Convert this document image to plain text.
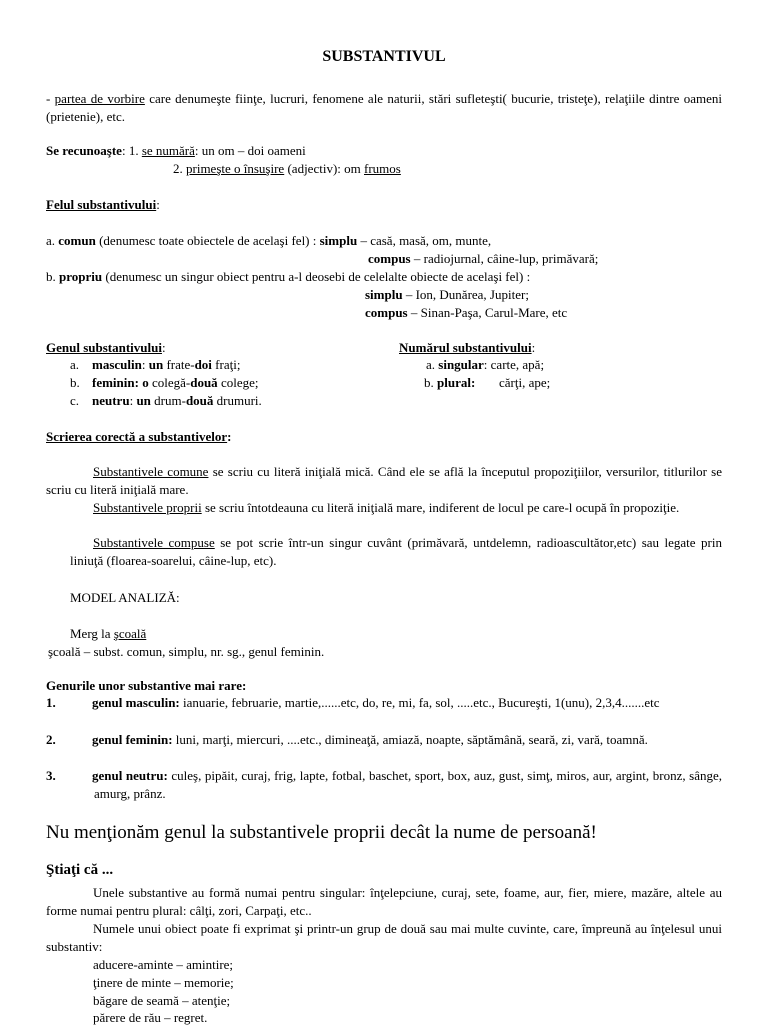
SUBSTANTIVUL
- partea de vorbire care denumeşte fiinţe, lucruri, fenomene ale naturii, stări sufleteşti( bucurie, tristeţe), relaţiile dintre oameni (prietenie), etc.
Se recunoaşte: 1. se numără: un om – doi oameni
2. primeşte o însuşire (adjectiv): om frumos
Felul substantivului:
a. comun (denumesc toate obiectele de acelaşi fel) : simplu – casă, masă, om, munte,
compus – radiojurnal, câine-lup, primăvară;
b. propriu (denumesc un singur obiect pentru a-l deosebi de celelalte obiecte de acelaşi fel) :
simplu – Ion, Dunărea, Jupiter;
compus – Sinan-Paşa, Carul-Mare, etc
Genul substantivului:
a. masculin: un frate-doi fraţi;
b. feminin: o colegă-două colege;
c. neutru: un drum-două drumuri.
Numărul substantivului:
a. singular: carte, apă;
b. plural: cărţi, ape;
Scrierea corectă a substantivelor:
Substantivele comune se scriu cu literă iniţială mică. Când ele se află la începutul propoziţiilor, versurilor, titlurilor se scriu cu literă iniţială mare.
Substantivele proprii se scriu întotdeauna cu literă iniţială mare, indiferent de locul pe care-l ocupă în propoziţie.
Substantivele compuse se pot scrie într-un singur cuvânt (primăvară, untdelemn, radioascultător,etc) sau legate prin liniuţă (floarea-soarelui, câine-lup, etc).
MODEL ANALIZĂ:
Merg la şcoală
şcoală – subst. comun, simplu, nr. sg., genul feminin.
Genurile unor substantive mai rare:
1.	genul masculin: ianuarie, februarie, martie,......etc, do, re, mi, fa, sol, .....etc., Bucureşti, 1(unu), 2,3,4.......etc
2.	genul feminin: luni, marţi, miercuri, ....etc., dimineaţă, amiază, noapte, săptămână, seară, zi, vară, toamnă.
3.	genul neutru: culeş, pipăit, curaj, frig, lapte, fotbal, baschet, sport, box, auz, gust, simţ, miros, aur, argint, bronz, sânge, amurg, prânz.
Nu menţionăm genul la substantivele proprii decât la nume de persoană!
Ştiaţi că ...
Unele substantive au formă numai pentru singular: înţelepciune, curaj, sete, foame, aur, fier, miere, mazăre, altele au forme numai pentru plural: câlţi, zori, Carpaţi, etc..
Numele unui obiect poate fi exprimat şi printr-un grup de două sau mai multe cuvinte, care, împreună au înţelesul unui substantiv:
aducere-aminte – amintire;
ţinere de minte – memorie;
băgare de seamă – atenţie;
părere de rău – regret.
